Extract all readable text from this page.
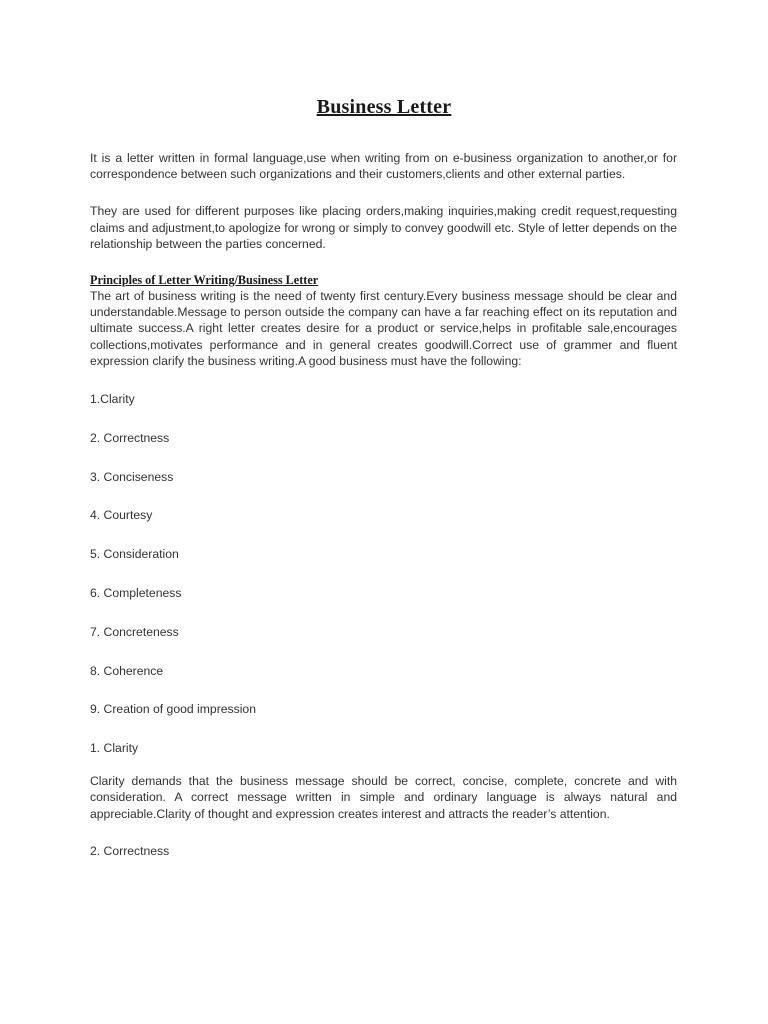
Business Letter

It is a letter written in formal language,use when writing from on e-business organization to another,or for correspondence between such organizations and their customers,clients and other external parties.

They are used for different purposes like placing orders,making inquiries,making credit request,requesting claims and adjustment,to apologize for wrong or simply to convey goodwill etc. Style of letter depends on the relationship between the parties concerned.

Principles of Letter Writing/Business Letter

The art of business writing is the need of twenty first century.Every business message should be clear and understandable.Message to person outside the company can have a far reaching effect on its reputation and ultimate success.A right letter creates desire for a product or service,helps in profitable sale,encourages collections,motivates performance and in general creates goodwill.Correct use of grammer and fluent expression clarify the business writing.A good business must have the following:

1.Clarity
2. Correctness
3. Conciseness
4. Courtesy
5. Consideration
6. Completeness
7. Concreteness
8. Coherence
9. Creation of good impression

1. Clarity

Clarity demands that the business message should be correct, concise, complete, concrete and with consideration. A correct message written in simple and ordinary language is always natural and appreciable.Clarity of thought and expression creates interest and attracts the reader’s attention.

2. Correctness
